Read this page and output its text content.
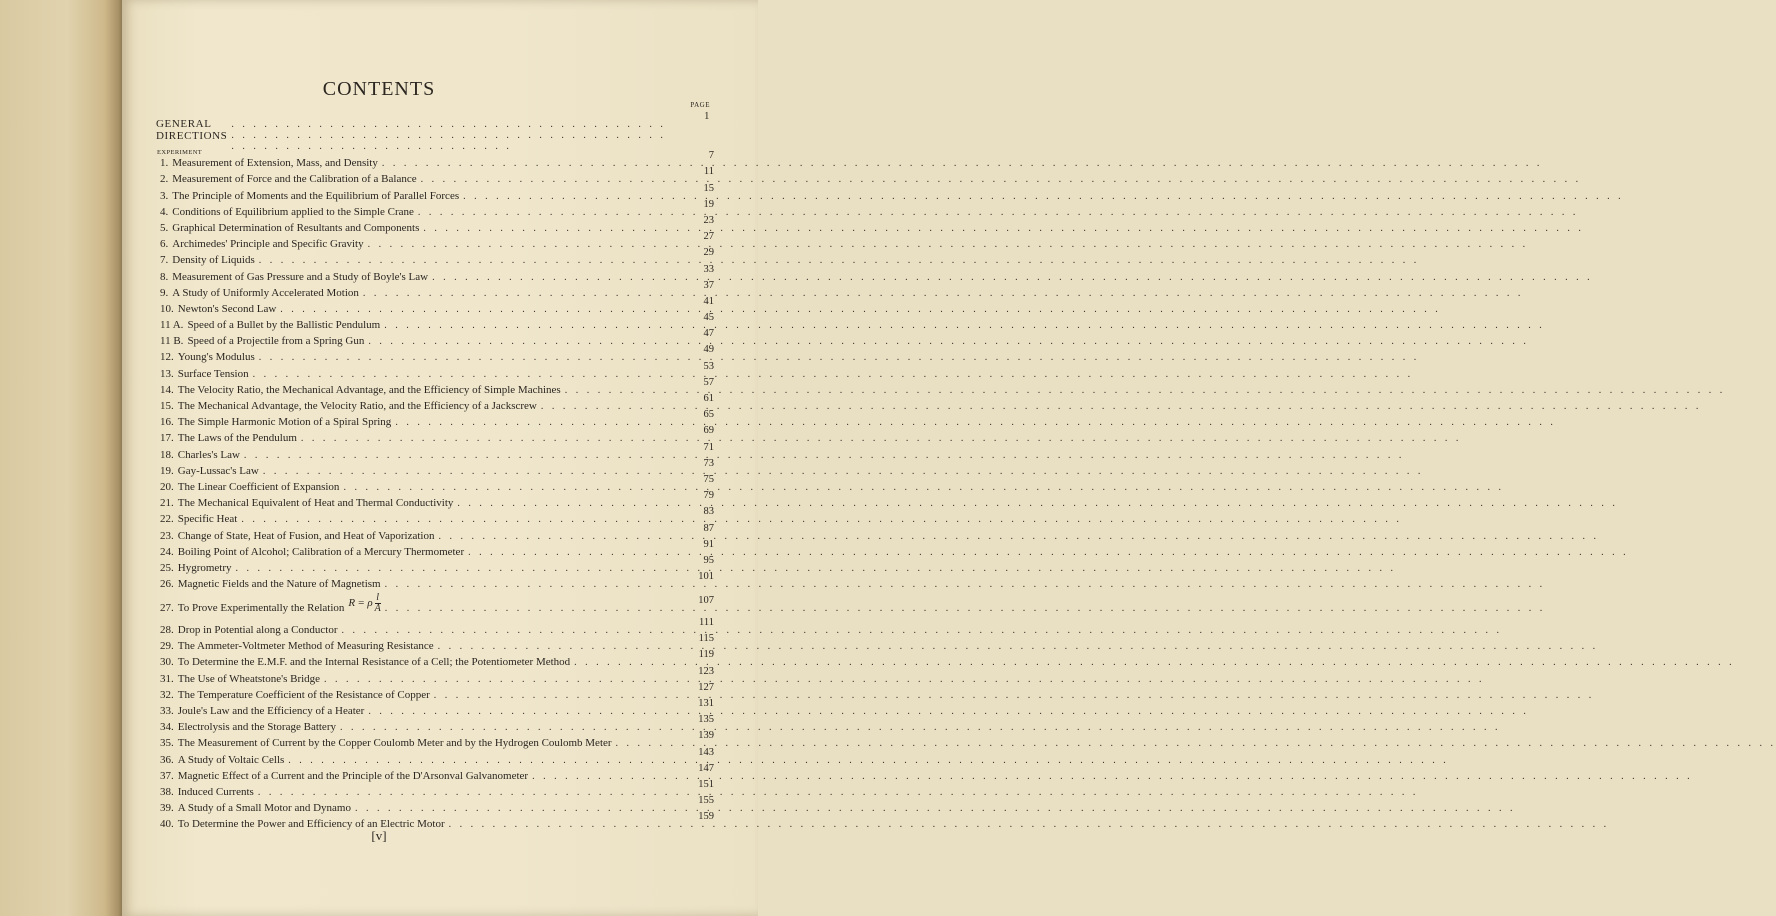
CONTENTS
PAGE
GENERAL DIRECTIONS
. . .
1
EXPERIMENT
1. Measurement of Extension, Mass, and Density
. . .
7
2. Measurement of Force and the Calibration of a Balance
. . .
11
3. The Principle of Moments and the Equilibrium of Parallel Forces
. . .
15
4. Conditions of Equilibrium applied to the Simple Crane
. . .
19
5. Graphical Determination of Resultants and Components
. . .
23
6. Archimedes' Principle and Specific Gravity
. . .
27
7. Density of Liquids
. . .
29
8. Measurement of Gas Pressure and a Study of Boyle's Law
. . .
33
9. A Study of Uniformly Accelerated Motion
. . .
37
10. Newton's Second Law
. . .
41
11 A. Speed of a Bullet by the Ballistic Pendulum
. . .
45
11 B. Speed of a Projectile from a Spring Gun
. . .
47
12. Young's Modulus
. . .
49
13. Surface Tension
. . .
53
14. The Velocity Ratio, the Mechanical Advantage, and the Efficiency of Simple Machines
. . .
57
15. The Mechanical Advantage, the Velocity Ratio, and the Efficiency of a Jackscrew
. . .
61
16. The Simple Harmonic Motion of a Spiral Spring
. . .
65
17. The Laws of the Pendulum
. . .
69
18. Charles's Law
. . .
71
19. Gay-Lussac's Law
. . .
73
20. The Linear Coefficient of Expansion
. . .
75
21. The Mechanical Equivalent of Heat and Thermal Conductivity
. . .
79
22. Specific Heat
. . .
83
23. Change of State, Heat of Fusion, and Heat of Vaporization
. . .
87
24. Boiling Point of Alcohol; Calibration of a Mercury Thermometer
. . .
91
25. Hygrometry
. . .
95
26. Magnetic Fields and the Nature of Magnetism
. . .
101
27. To Prove Experimentally the Relation R = ρ $\frac{l}{A}$
. . .	107
28. Drop in Potential along a Conductor
. . .
111
29. The Ammeter-Voltmeter Method of Measuring Resistance
. . .
115
30. To Determine the E.M.F. and the Internal Resistance of a Cell; the Potentiometer Method
. . .
119
31. The Use of Wheatstone's Bridge
. . .
123
32. The Temperature Coefficient of the Resistance of Copper
. . .
127
33. Joule's Law and the Efficiency of a Heater
. . .
131
34. Electrolysis and the Storage Battery
. . .
135
35. The Measurement of Current by the Copper Coulomb Meter and by the Hydrogen Coulomb Meter
. . .
139
36. A Study of Voltaic Cells
. . .
143
37. Magnetic Effect of a Current and the Principle of the D'Arsonval Galvanometer
. . .
147
38. Induced Currents
. . .
151
39. A Study of a Small Motor and Dynamo
. . .
155
40. To Determine the Power and Efficiency of an Electric Motor
. . .
159
[v]
